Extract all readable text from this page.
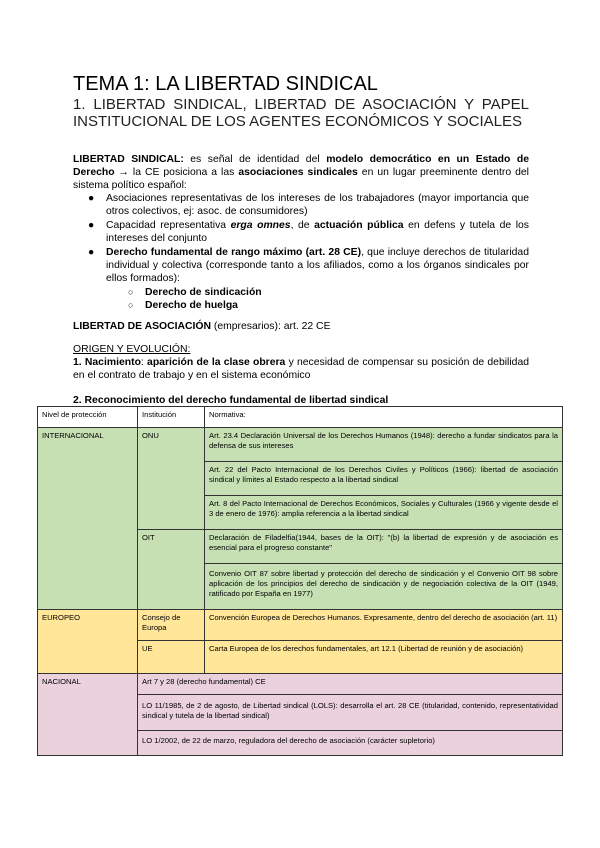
TEMA 1: LA LIBERTAD SINDICAL
1. LIBERTAD SINDICAL, LIBERTAD DE ASOCIACIÓN Y PAPEL INSTITUCIONAL DE LOS AGENTES ECONÓMICOS Y SOCIALES
LIBERTAD SINDICAL: es señal de identidad del modelo democrático en un Estado de Derecho → la CE posiciona a las asociaciones sindicales en un lugar preeminente dentro del sistema político español:
● Asociaciones representativas de los intereses de los trabajadores (mayor importancia que otros colectivos, ej: asoc. de consumidores)
● Capacidad representativa erga omnes, de actuación pública en defens y tutela de los intereses del conjunto
● Derecho fundamental de rango máximo (art. 28 CE), que incluye derechos de titularidad individual y colectiva (corresponde tanto a los afiliados, como a los órganos sindicales por ellos formados):
○ Derecho de sindicación
○ Derecho de huelga
LIBERTAD DE ASOCIACIÓN (empresarios): art. 22 CE
ORIGEN Y EVOLUCIÓN:
1. Nacimiento: aparición de la clase obrera y necesidad de compensar su posición de debilidad en el contrato de trabajo y en el sistema económico
2. Reconocimiento del derecho fundamental de libertad sindical
Nivel de protección	Institución	Normativa:
INTERNACIONAL	ONU	Art. 23.4 Declaración Universal de los Derechos Humanos (1948): derecho a fundar sindicatos para la defensa de sus intereses
		Art. 22 del Pacto Internacional de los Derechos Civiles y Políticos (1966): libertad de asociación sindical y límites al Estado respecto a la libertad sindical
		Art. 8 del Pacto Internacional de Derechos Económicos, Sociales y Culturales (1966 y vigente desde el 3 de enero de 1976): amplia referencia a la libertad sindical
	OIT	Declaración de Filadelfia(1944, bases de la OIT): "(b) la libertad de expresión y de asociación es esencial para el progreso constante"
		Convenio OIT 87 sobre libertad y protección del derecho de sindicación y el Convenio OIT 98 sobre aplicación de los principios del derecho de sindicación y de negociación colectiva de la OIT (1949, ratificado por España en 1977)
EUROPEO	Consejo de Europa	Convención Europea de Derechos Humanos. Expresamente, dentro del derecho de asociación (art. 11)
	UE	Carta Europea de los derechos fundamentales, art 12.1 (Libertad de reunión y de asociación)
NACIONAL	Art 7 y 28 (derecho fundamental) CE	
	LO 11/1985, de 2 de agosto, de Libertad sindical (LOLS): desarrolla el art. 28 CE (titularidad, contenido, representatividad sindical y tutela de la libertad sindical)	
	LO 1/2002, de 22 de marzo, reguladora del derecho de asociación (carácter supletorio)	
